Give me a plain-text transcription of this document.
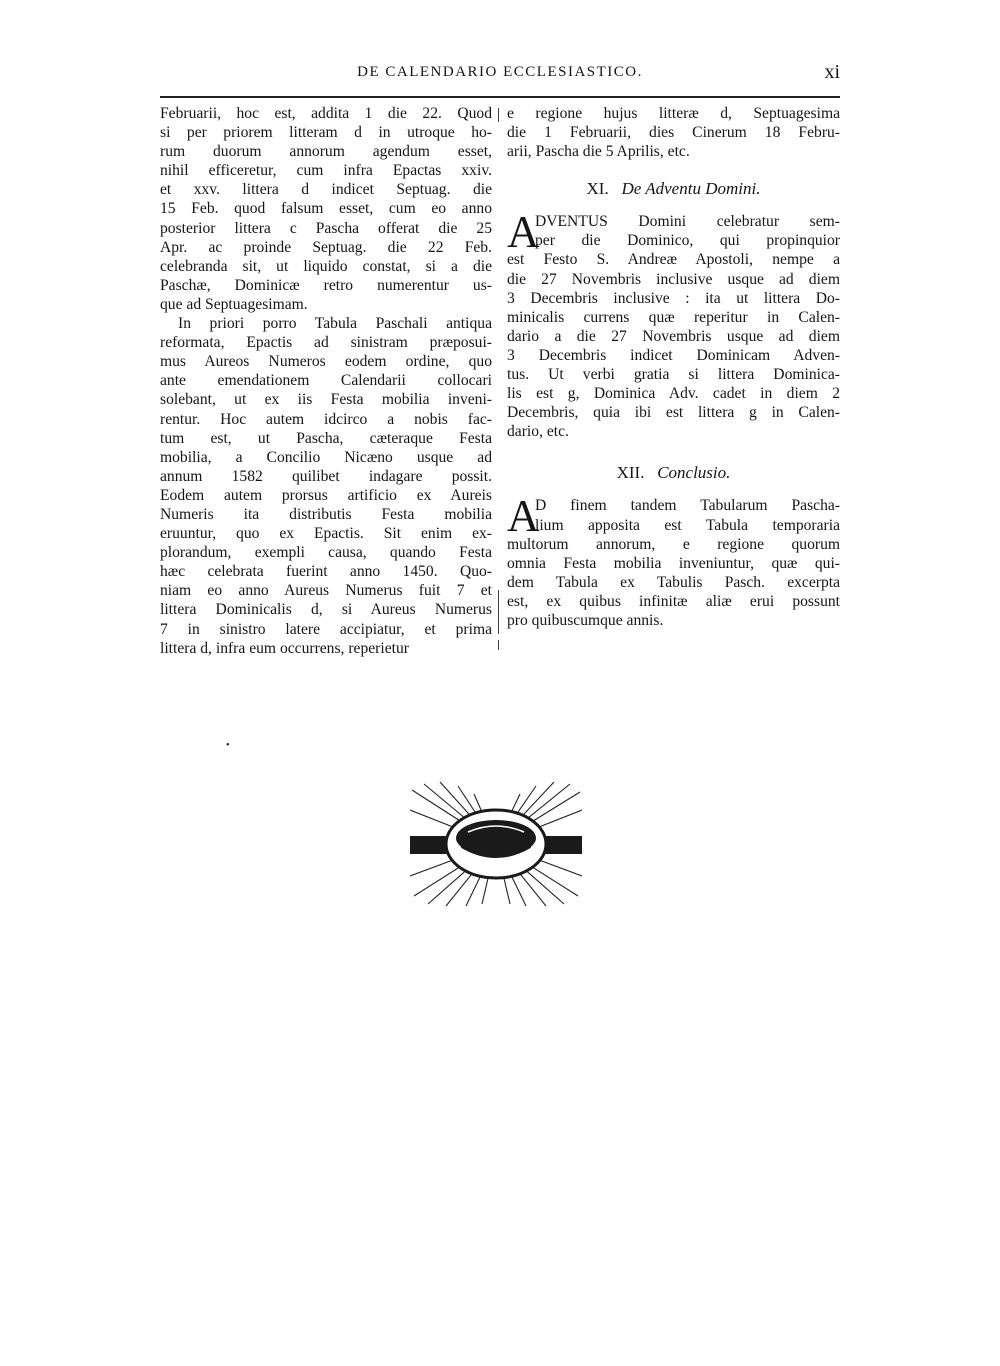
DE CALENDARIO ECCLESIASTICO.	xi
Februarii, hoc est, addita 1 die 22. Quod
si per priorem litteram d in utroque ho-
rum duorum annorum agendum esset,
nihil efficeretur, cum infra Epactas xxiv.
et xxv. littera d indicet Septuag. die
15 Feb. quod falsum esset, cum eo anno
posterior littera c Pascha offerat die 25
Apr. ac proinde Septuag. die 22 Feb.
celebranda sit, ut liquido constat, si a die
Paschæ, Dominicæ retro numerentur us-
que ad Septuagesimam.
In priori porro Tabula Paschali antiqua
reformata, Epactis ad sinistram præposui-
mus Aureos Numeros eodem ordine, quo
ante emendationem Calendarii collocari
solebant, ut ex iis Festa mobilia inveni-
rentur. Hoc autem idcirco a nobis fac-
tum est, ut Pascha, cæteraque Festa
mobilia, a Concilio Nicæno usque ad
annum 1582 quilibet indagare possit.
Eodem autem prorsus artificio ex Aureis
Numeris ita distributis Festa mobilia
eruuntur, quo ex Epactis. Sit enim ex-
plorandum, exempli causa, quando Festa
hæc celebrata fuerint anno 1450. Quo-
niam eo anno Aureus Numerus fuit 7 et
littera Dominicalis d, si Aureus Numerus
7 in sinistro latere accipiatur, et prima
littera d, infra eum occurrens, reperietur
e regione hujus litteræ d, Septuagesima
die 1 Februarii, dies Cinerum 18 Febru-
arii, Pascha die 5 Aprilis, etc.
XI. De Adventu Domini.
A
DVENTUS Domini celebratur sem-
per die Dominico, qui propinquior
est Festo S. Andreæ Apostoli, nempe a
die 27 Novembris inclusive usque ad diem
3 Decembris inclusive : ita ut littera Do-
minicalis currens quæ reperitur in Calen-
dario a die 27 Novembris usque ad diem
3 Decembris indicet Dominicam Adven-
tus. Ut verbi gratia si littera Dominica-
lis est g, Dominica Adv. cadet in diem 2
Decembris, quia ibi est littera g in Calen-
dario, etc.
XII. Conclusio.
A
D finem tandem Tabularum Pascha-
lium apposita est Tabula temporaria
multorum annorum, e regione quorum
omnia Festa mobilia inveniuntur, quæ qui-
dem Tabula ex Tabulis Pasch. excerpta
est, ex quibus infinitæ aliæ erui possunt
pro quibuscumque annis.
•
